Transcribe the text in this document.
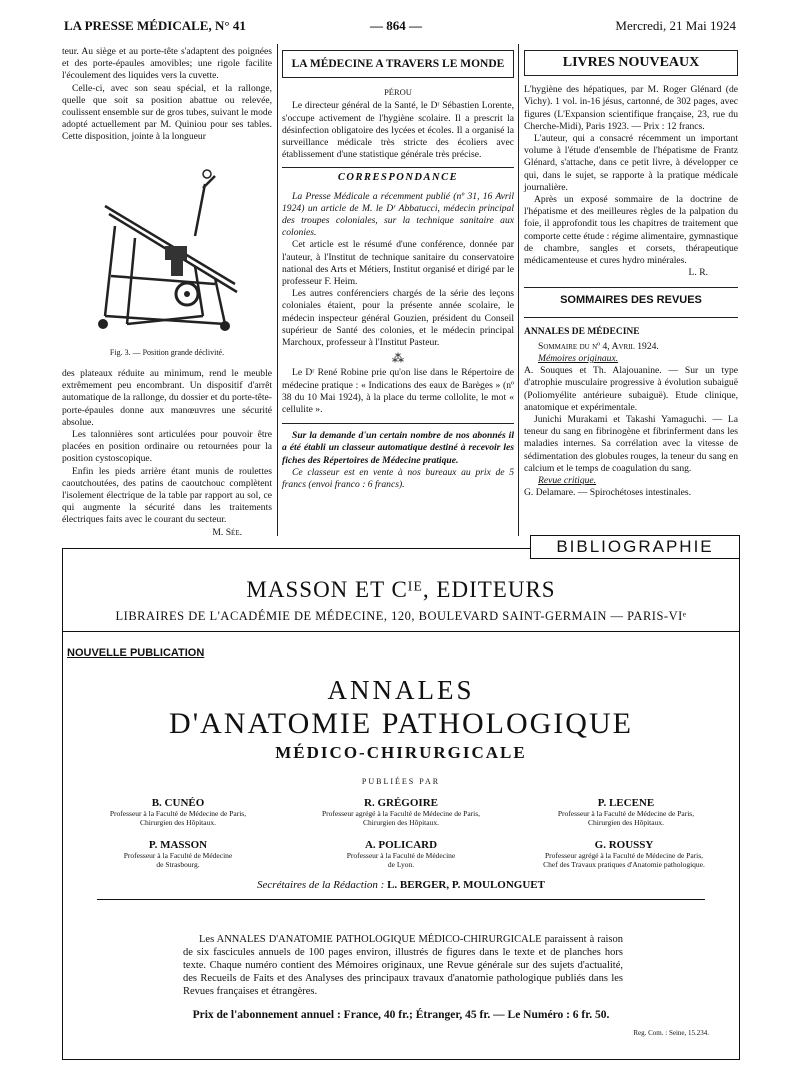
LA PRESSE MÉDICALE, N° 41	— 864 —	Mercredi, 21 Mai 1924

teur. Au siège et au porte-tête s'adaptent des poignées et des porte-épaules amovibles; une rigole facilite l'écoulement des liquides vers la cuvette.

Celle-ci, avec son seau spécial, et la rallonge, quelle que soit sa position abattue ou relevée, coulissent ensemble sur de gros tubes, suivant le mode adopté actuellement par M. Quiniou pour ses tables. Cette disposition, jointe à la longueur

Fig. 3. — Position grande déclivité.

des plateaux réduite au minimum, rend le meuble extrêmement peu encombrant. Un dispositif d'arrêt automatique de la rallonge, du dossier et du porte-tête-porte-épaules donne aux manœuvres une sécurité absolue.

Les talonnières sont articulées pour pouvoir être placées en position ordinaire ou retournées pour la position cystoscopique.

Enfin les pieds arrière étant munis de roulettes caoutchoutées, des patins de caoutchouc complètent l'isolement électrique de la table par rapport au sol, ce qui augmente la sécurité dans les traitements électriques faits avec le courant du secteur.

M. Sée.
LA MÉDECINE A TRAVERS LE MONDE
PÉROU

Le directeur général de la Santé, le Dʳ Sébastien Lorente, s'occupe activement de l'hygiène scolaire. Il a prescrit la désinfection obligatoire des lycées et écoles. Il a organisé la surveillance médicale très stricte des écoliers avec établissement d'une statistique générale très précise.

CORRESPONDANCE

La Presse Médicale a récemment publié (nº 31, 16 Avril 1924) un article de M. le Dʳ Abbatucci, médecin principal des troupes coloniales, sur la technique sanitaire aux colonies.

Cet article est le résumé d'une conférence, donnée par l'auteur, à l'Institut de technique sanitaire du conservatoire national des Arts et Métiers, Institut organisé et dirigé par le professeur F. Heim.

Les autres conférenciers chargés de la série des leçons coloniales étaient, pour la présente année scolaire, le médecin inspecteur général Gouzien, président du Conseil supérieur de Santé des colonies, et le médecin principal Marchoux, professeur à l'Institut Pasteur.

⁂

Le Dʳ René Robine prie qu'on lise dans le Répertoire de médecine pratique : « Indications des eaux de Barèges » (nº 38 du 10 Mai 1924), à la place du terme collolite, le mot « cellulite ».

Sur la demande d'un certain nombre de nos abonnés il a été établi un classeur automatique destiné à recevoir les fiches des Répertoires de Médecine pratique.

Ce classeur est en vente à nos bureaux au prix de 5 francs (envoi franco : 6 francs).

LIVRES NOUVEAUX

L'hygiène des hépatiques, par M. Roger Glénard (de Vichy). 1 vol. in-16 jésus, cartonné, de 302 pages, avec figures (L'Expansion scientifique française, 23, rue du Cherche-Midi), Paris 1923. — Prix : 12 francs.

L'auteur, qui a consacré récemment un important volume à l'étude d'ensemble de l'hépatisme de Frantz Glénard, s'attache, dans ce petit livre, à développer ce qui, dans le sujet, se rapporte à la pratique médicale journalière.

Après un exposé sommaire de la doctrine de l'hépatisme et des meilleures règles de la palpation du foie, il approfondit tous les chapitres de traitement que comporte cette étude : régime alimentaire, gymnastique de chambre, sangles et corsets, thérapeutique médicamenteuse et cures hydro minérales.

L. R.
SOMMAIRES DES REVUES
ANNALES DE MÉDECINE
Sommaire du nº 4, Avril 1924.
Mémoires originaux.

A. Souques et Th. Alajouanine. — Sur un type d'atrophie musculaire progressive à évolution subaiguë (Poliomyélite antérieure subaiguë). Etude clinique, anatomique et expérimentale.

Junichi Murakami et Takashi Yamaguchi. — La teneur du sang en fibrinogène et fibrinferment dans les maladies internes. Sa corrélation avec la vitesse de sédimentation des globules rouges, la teneur du sang en calcium et le temps de coagulation du sang.

Revue critique.

G. Delamare. — Spirochétoses intestinales.

BIBLIOGRAPHIE
MASSON ET Cᴵᴱ, EDITEURS
LIBRAIRES DE L'ACADÉMIE DE MÉDECINE, 120, BOULEVARD SAINT-GERMAIN — PARIS-VIᵉ
NOUVELLE PUBLICATION
ANNALES
D'ANATOMIE PATHOLOGIQUE
MÉDICO-CHIRURGICALE
PUBLIÉES PAR
B. CUNÉO
Professeur à la Faculté de Médecine de Paris,
Chirurgien des Hôpitaux.
R. GRÉGOIRE
Professeur agrégé à la Faculté de Médecine de Paris,
Chirurgien des Hôpitaux.
P. LECENE
Professeur à la Faculté de Médecine de Paris,
Chirurgien des Hôpitaux.
P. MASSON
Professeur à la Faculté de Médecine
de Strasbourg.
A. POLICARD
Professeur à la Faculté de Médecine
de Lyon.
G. ROUSSY
Professeur agrégé à la Faculté de Médecine de Paris,
Chef des Travaux pratiques d'Anatomie pathologique.
Secrétaires de la Rédaction : L. BERGER, P. MOULONGUET
Les ANNALES D'ANATOMIE PATHOLOGIQUE MÉDICO-CHIRURGICALE paraissent à raison de six fascicules annuels de 100 pages environ, illustrés de figures dans le texte et de planches hors texte. Chaque numéro contient des Mémoires originaux, une Revue générale sur des sujets d'actualité, des Recueils de Faits et des Analyses des principaux travaux d'anatomie pathologique publiés dans les Revues françaises et étrangères.
Prix de l'abonnement annuel : France, 40 fr.; Étranger, 45 fr. — Le Numéro : 6 fr. 50.
Reg. Com. : Seine, 15.234.
